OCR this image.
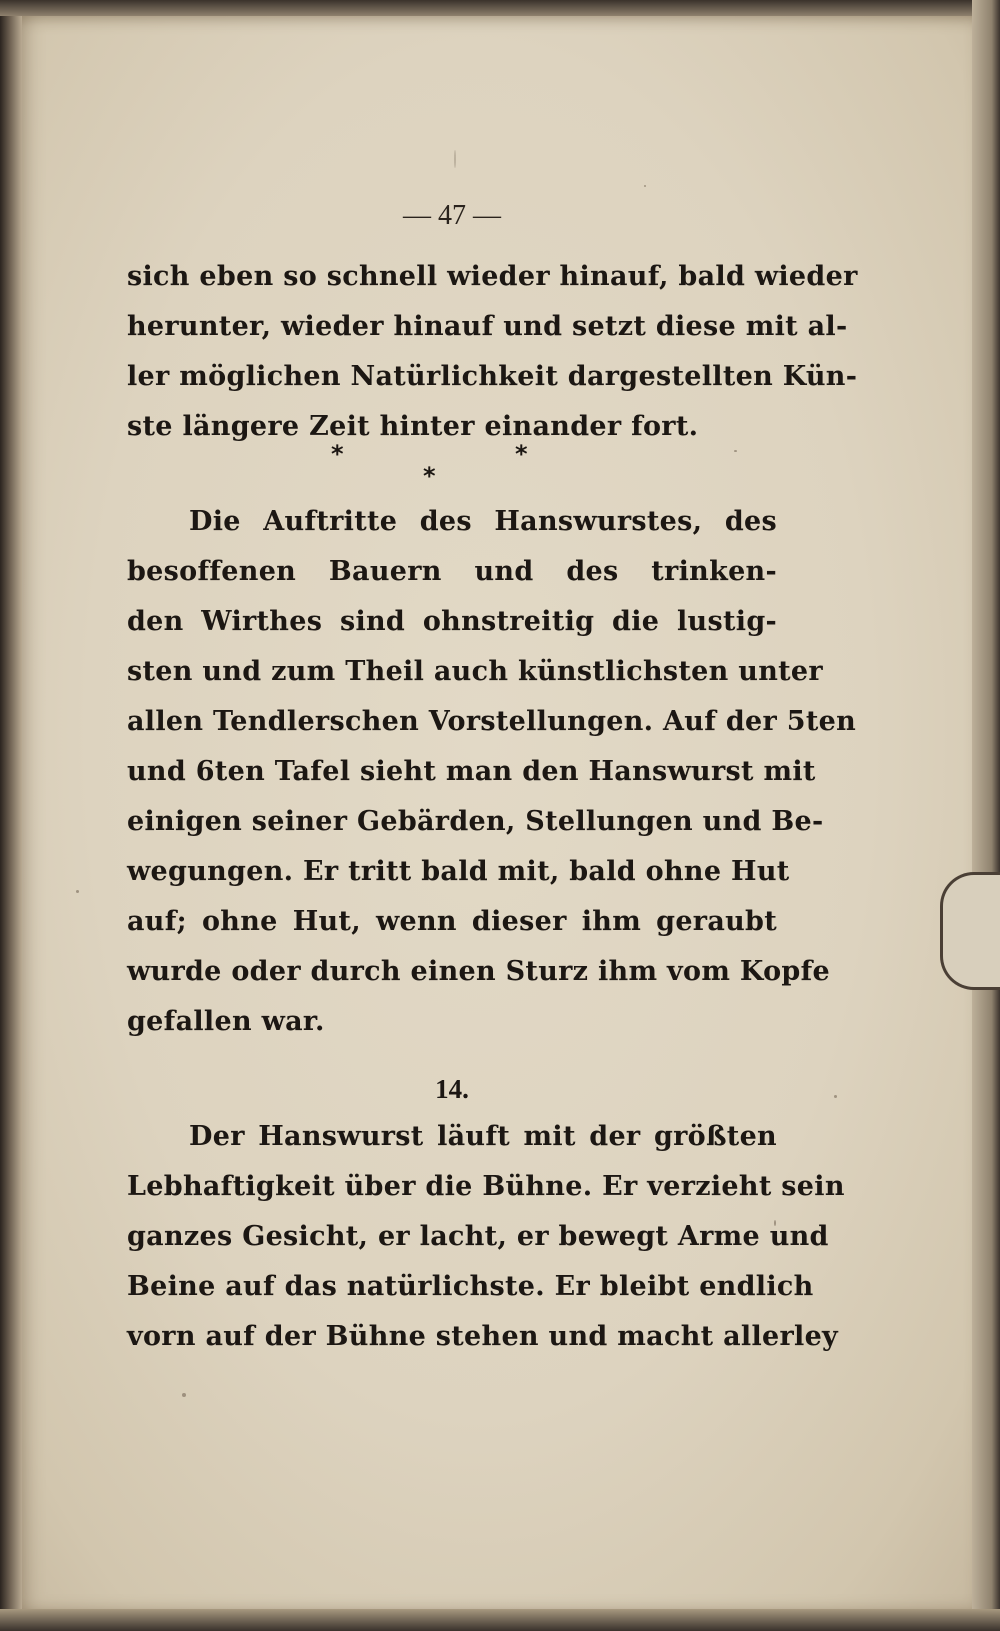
— 47 —
sich eben so schnell wieder hinauf, bald wieder
herunter, wieder hinauf und setzt diese mit al-
ler möglichen Natürlichkeit dargestellten Kün-
ste längere Zeit hinter einander fort.
*	*
*
Die Auftritte des Hanswurstes, des
besoffenen Bauern und des trinken-
den Wirthes sind ohnstreitig die lustig-
sten und zum Theil auch künstlichsten unter
allen Tendlerschen Vorstellungen. Auf der 5ten
und 6ten Tafel sieht man den Hanswurst mit
einigen seiner Gebärden, Stellungen und Be-
wegungen. Er tritt bald mit, bald ohne Hut
auf; ohne Hut, wenn dieser ihm geraubt
wurde oder durch einen Sturz ihm vom Kopfe
gefallen war.
14.
Der Hanswurst läuft mit der größten
Lebhaftigkeit über die Bühne. Er verzieht sein
ganzes Gesicht, er lacht, er bewegt Arme und
Beine auf das natürlichste. Er bleibt endlich
vorn auf der Bühne stehen und macht allerley
